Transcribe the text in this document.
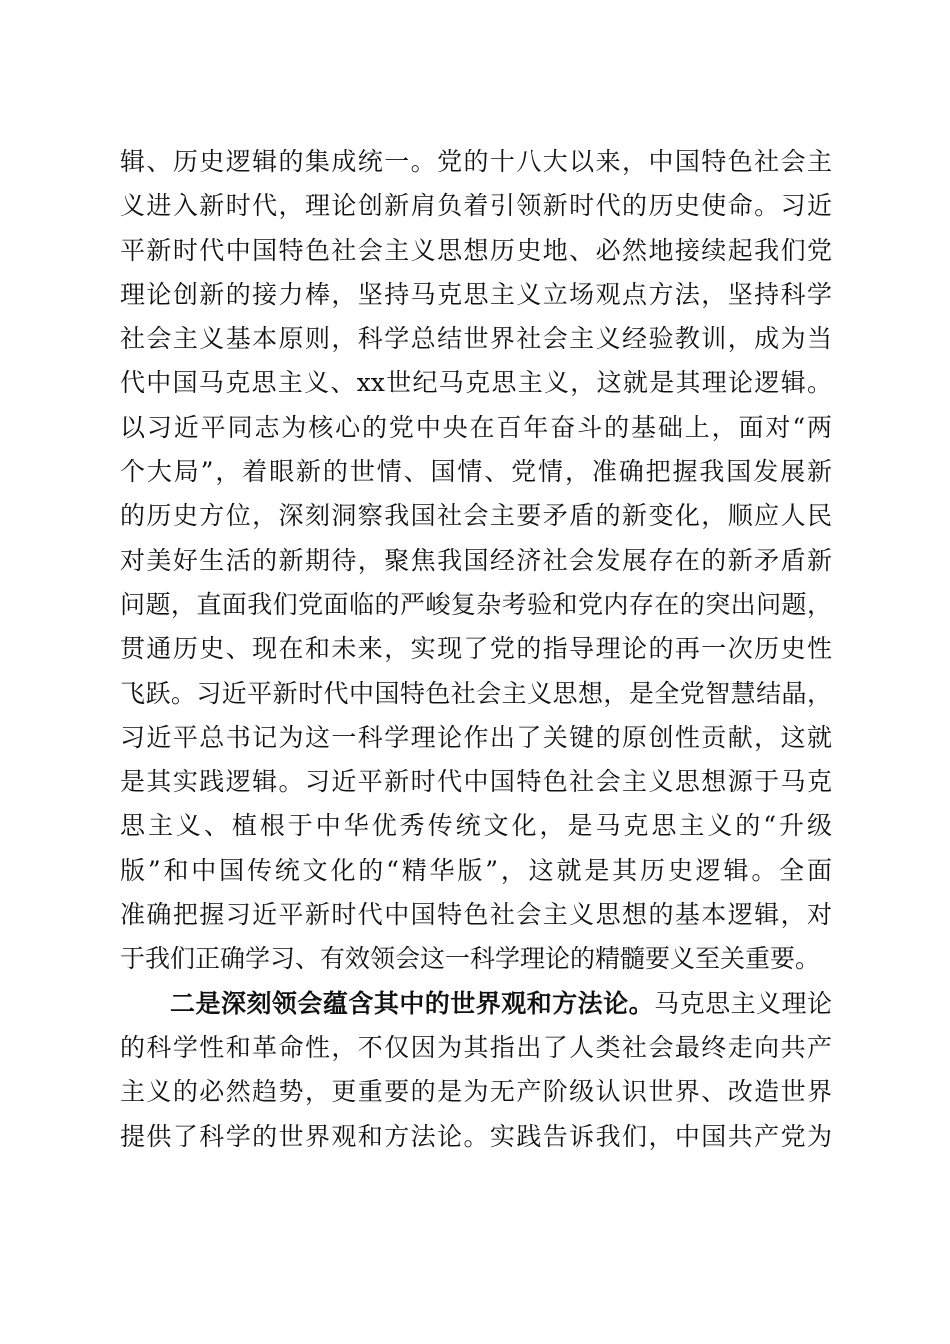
辑、历史逻辑的集成统一。党的十八大以来，中国特色社会主
义进入新时代，理论创新肩负着引领新时代的历史使命。习近
平新时代中国特色社会主义思想历史地、必然地接续起我们党
理论创新的接力棒，坚持马克思主义立场观点方法，坚持科学
社会主义基本原则，科学总结世界社会主义经验教训，成为当
代中国马克思主义、xx世纪马克思主义，这就是其理论逻辑。
以习近平同志为核心的党中央在百年奋斗的基础上，面对“两
个大局”，着眼新的世情、国情、党情，准确把握我国发展新
的历史方位，深刻洞察我国社会主要矛盾的新变化，顺应人民
对美好生活的新期待，聚焦我国经济社会发展存在的新矛盾新
问题，直面我们党面临的严峻复杂考验和党内存在的突出问题，
贯通历史、现在和未来，实现了党的指导理论的再一次历史性
飞跃。习近平新时代中国特色社会主义思想，是全党智慧结晶，
习近平总书记为这一科学理论作出了关键的原创性贡献，这就
是其实践逻辑。习近平新时代中国特色社会主义思想源于马克
思主义、植根于中华优秀传统文化，是马克思主义的“升级
版”和中国传统文化的“精华版”，这就是其历史逻辑。全面
准确把握习近平新时代中国特色社会主义思想的基本逻辑，对
于我们正确学习、有效领会这一科学理论的精髓要义至关重要。
二是深刻领会蕴含其中的世界观和方法论。马克思主义理论
的科学性和革命性，不仅因为其指出了人类社会最终走向共产
主义的必然趋势，更重要的是为无产阶级认识世界、改造世界
提供了科学的世界观和方法论。实践告诉我们，中国共产党为
